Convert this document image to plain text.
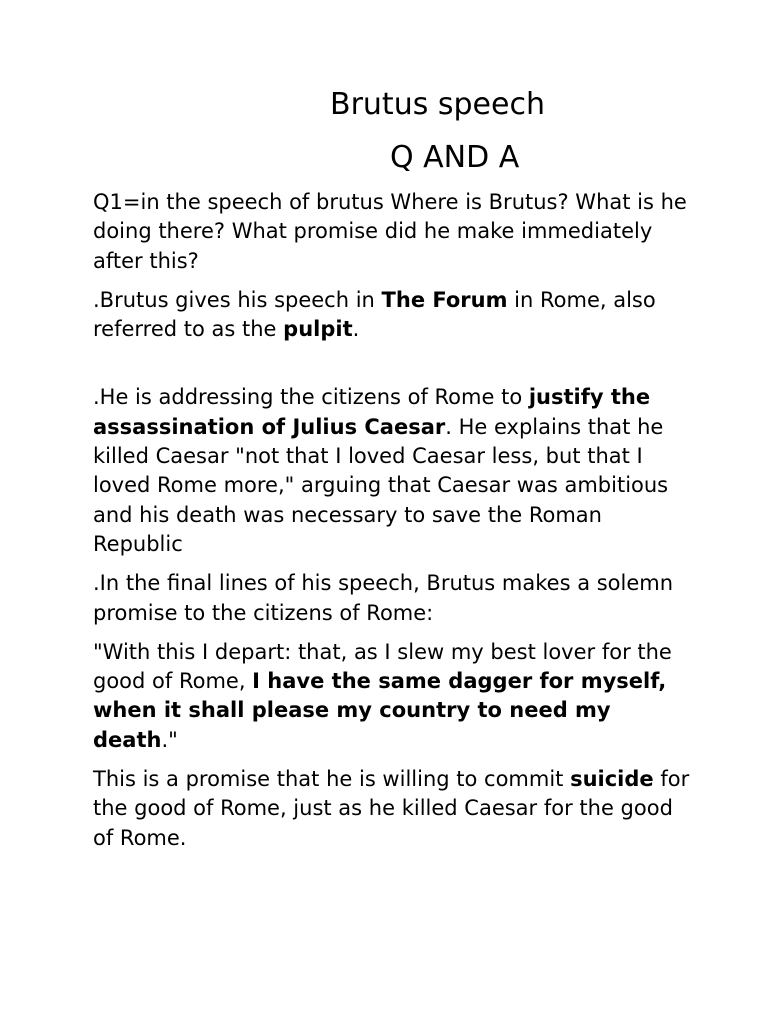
Brutus speech
Q AND A

Q1=in the speech of brutus Where is Brutus? What is he doing there? What promise did he make immediately after this?

.Brutus gives his speech in The Forum in Rome, also referred to as the pulpit.

.He is addressing the citizens of Rome to justify the assassination of Julius Caesar. He explains that he killed Caesar "not that I loved Caesar less, but that I loved Rome more," arguing that Caesar was ambitious and his death was necessary to save the Roman Republic

.In the final lines of his speech, Brutus makes a solemn promise to the citizens of Rome:

"With this I depart: that, as I slew my best lover for the good of Rome, I have the same dagger for myself, when it shall please my country to need my death."

This is a promise that he is willing to commit suicide for the good of Rome, just as he killed Caesar for the good of Rome.
